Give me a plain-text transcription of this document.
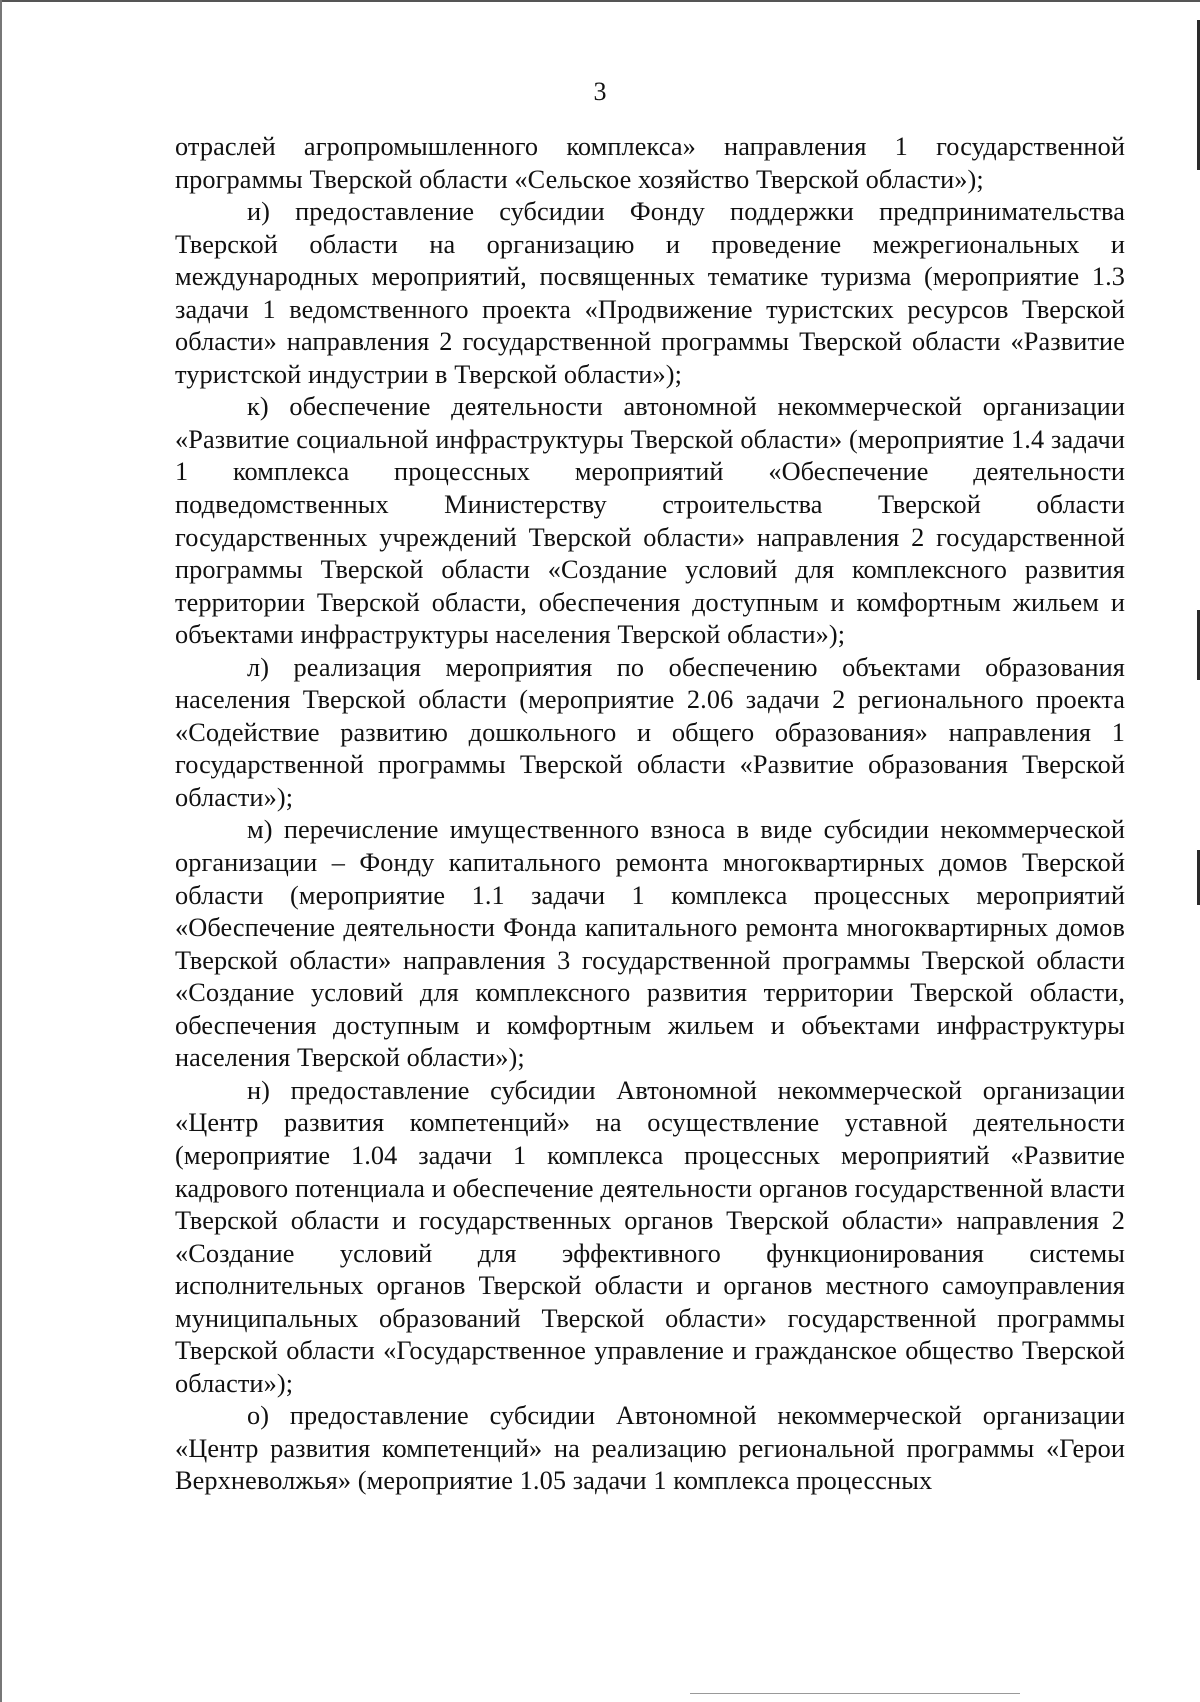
3

отраслей агропромышленного комплекса» направления 1 государственной программы Тверской области «Сельское хозяйство Тверской области»);

и) предоставление субсидии Фонду поддержки предпринимательства Тверской области на организацию и проведение межрегиональных и международных мероприятий, посвященных тематике туризма (мероприятие 1.3 задачи 1 ведомственного проекта «Продвижение туристских ресурсов Тверской области» направления 2 государственной программы Тверской области «Развитие туристской индустрии в Тверской области»);

к) обеспечение деятельности автономной некоммерческой организации «Развитие социальной инфраструктуры Тверской области» (мероприятие 1.4 задачи 1 комплекса процессных мероприятий «Обеспечение деятельности подведомственных Министерству строительства Тверской области государственных учреждений Тверской области» направления 2 государственной программы Тверской области «Создание условий для комплексного развития территории Тверской области, обеспечения доступным и комфортным жильем и объектами инфраструктуры населения Тверской области»);

л) реализация мероприятия по обеспечению объектами образования населения Тверской области (мероприятие 2.06 задачи 2 регионального проекта «Содействие развитию дошкольного и общего образования» направления 1 государственной программы Тверской области «Развитие образования Тверской области»);

м) перечисление имущественного взноса в виде субсидии некоммерческой организации – Фонду капитального ремонта многоквартирных домов Тверской области (мероприятие 1.1 задачи 1 комплекса процессных мероприятий «Обеспечение деятельности Фонда капитального ремонта многоквартирных домов Тверской области» направления 3 государственной программы Тверской области «Создание условий для комплексного развития территории Тверской области, обеспечения доступным и комфортным жильем и объектами инфраструктуры населения Тверской области»);

н) предоставление субсидии Автономной некоммерческой организации «Центр развития компетенций» на осуществление уставной деятельности (мероприятие 1.04 задачи 1 комплекса процессных мероприятий «Развитие кадрового потенциала и обеспечение деятельности органов государственной власти Тверской области и государственных органов Тверской области» направления 2 «Создание условий для эффективного функционирования системы исполнительных органов Тверской области и органов местного самоуправления муниципальных образований Тверской области» государственной программы Тверской области «Государственное управление и гражданское общество Тверской области»);

о) предоставление субсидии Автономной некоммерческой организации «Центр развития компетенций» на реализацию региональной программы «Герои Верхневолжья» (мероприятие 1.05 задачи 1 комплекса процессных
